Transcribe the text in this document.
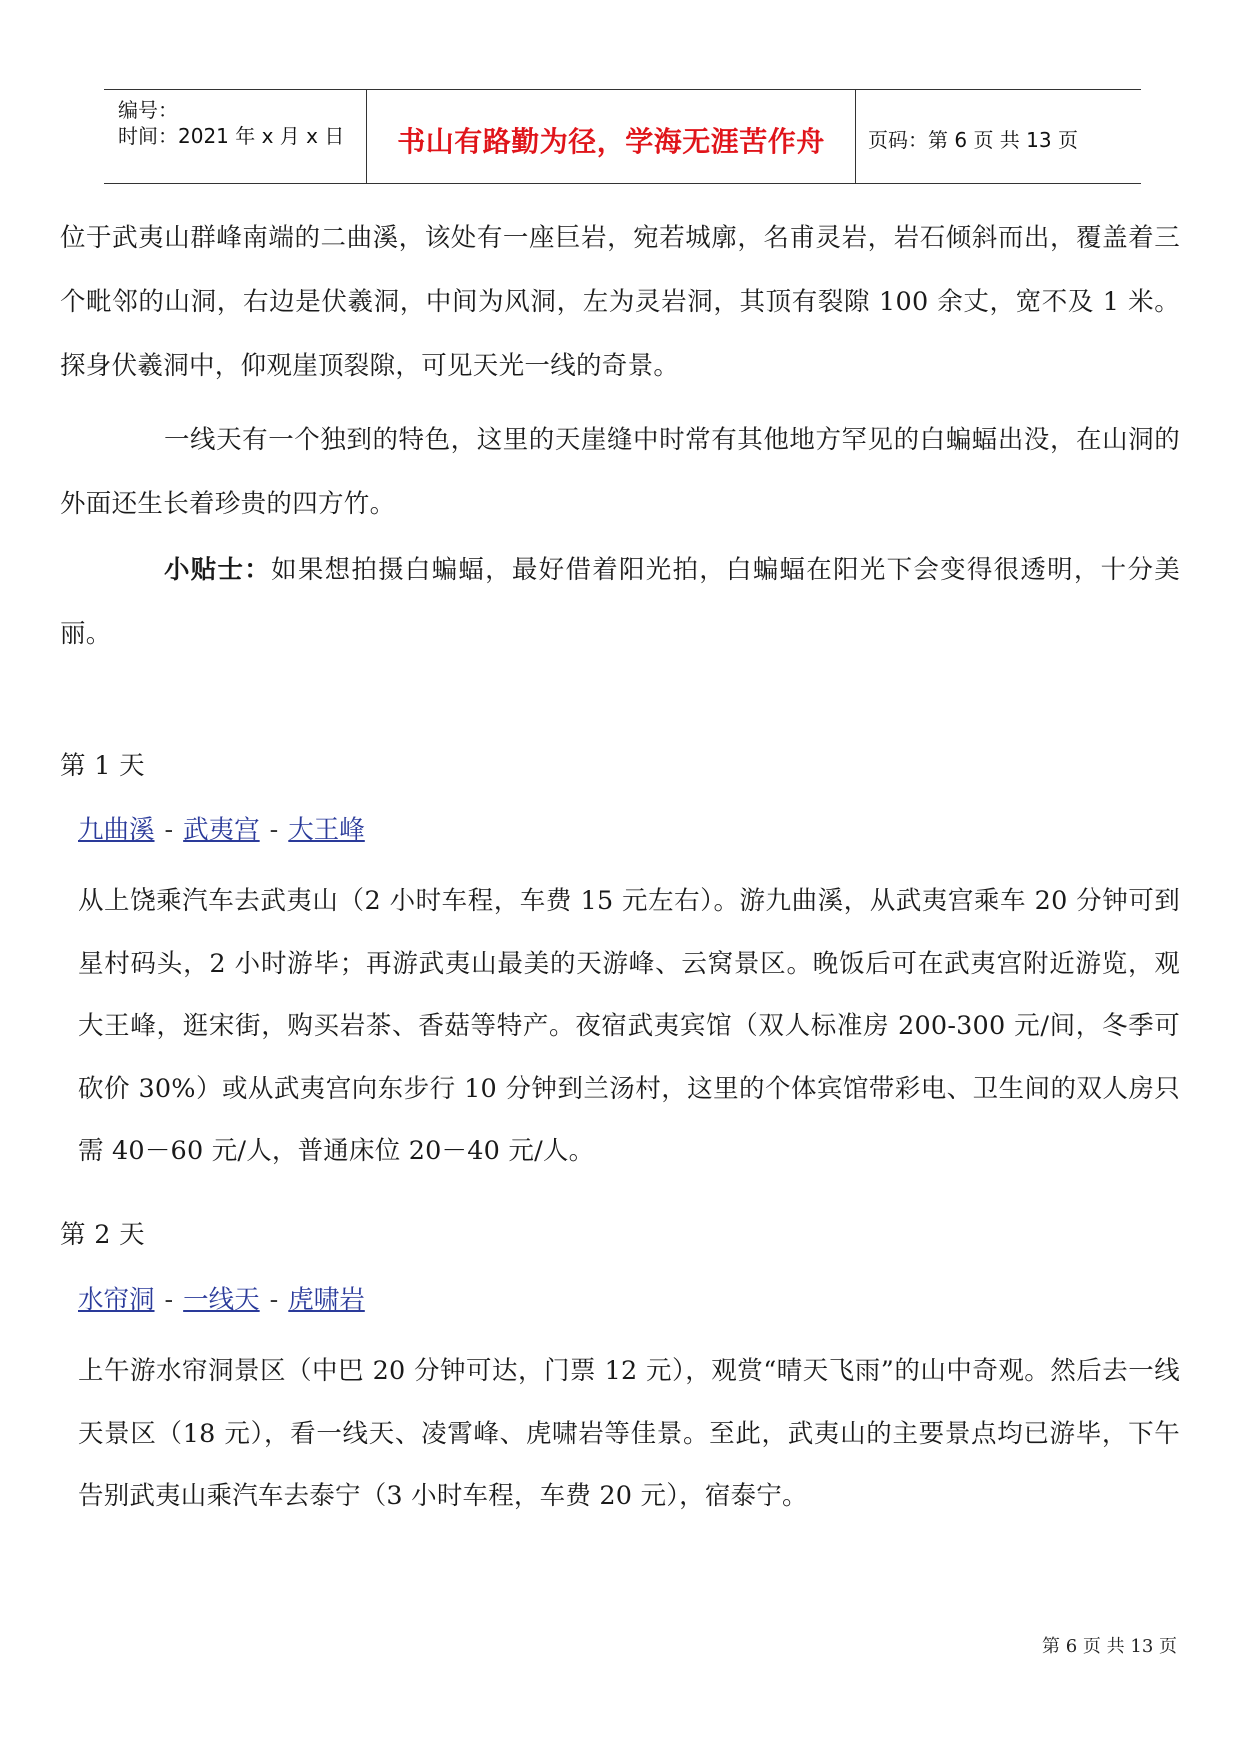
编号：
时间：2021 年 x 月 x 日	书山有路勤为径，学海无涯苦作舟	页码：第 6 页 共 13 页

位于武夷山群峰南端的二曲溪，该处有一座巨岩，宛若城廓，名甫灵岩，岩石倾斜而出，覆盖着三个毗邻的山洞，右边是伏羲洞，中间为风洞，左为灵岩洞，其顶有裂隙 100 余丈，宽不及 1 米。探身伏羲洞中，仰观崖顶裂隙，可见天光一线的奇景。

一线天有一个独到的特色，这里的天崖缝中时常有其他地方罕见的白蝙蝠出没，在山洞的外面还生长着珍贵的四方竹。

小贴士：如果想拍摄白蝙蝠，最好借着阳光拍，白蝙蝠在阳光下会变得很透明，十分美丽。

第 1 天
九曲溪 - 武夷宫 - 大王峰

从上饶乘汽车去武夷山（2 小时车程，车费 15 元左右）。游九曲溪，从武夷宫乘车 20 分钟可到星村码头，2 小时游毕；再游武夷山最美的天游峰、云窝景区。晚饭后可在武夷宫附近游览，观大王峰，逛宋街，购买岩茶、香菇等特产。夜宿武夷宾馆（双人标准房 200-300 元/间，冬季可砍价 30%）或从武夷宫向东步行 10 分钟到兰汤村，这里的个体宾馆带彩电、卫生间的双人房只需 40－60 元/人，普通床位 20－40 元/人。

第 2 天
水帘洞 - 一线天 - 虎啸岩

上午游水帘洞景区（中巴 20 分钟可达，门票 12 元），观赏“晴天飞雨”的山中奇观。然后去一线天景区（18 元），看一线天、凌霄峰、虎啸岩等佳景。至此，武夷山的主要景点均已游毕，下午告别武夷山乘汽车去泰宁（3 小时车程，车费 20 元），宿泰宁。

第 6 页 共 13 页
